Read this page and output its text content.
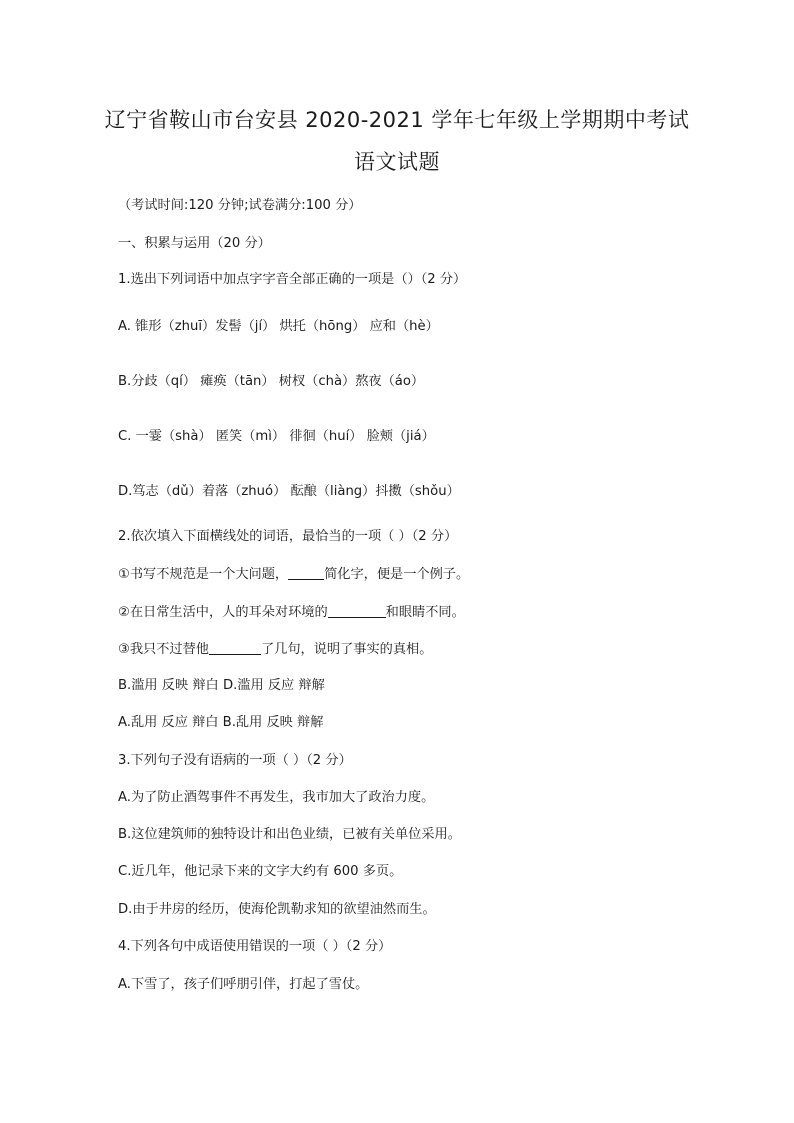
辽宁省鞍山市台安县 2020-2021 学年七年级上学期期中考试
语文试题
（考试时间:120 分钟;试卷满分:100 分）
一、积累与运用（20 分）
1.选出下列词语中加点字字音全部正确的一项是（）（2 分）
A. 锥形（zhuī）发髻（jí） 烘托（hōng） 应和（hè）
B.分歧（qí） 瘫痪（tān） 树杈（chà）熬夜（áo）
C. 一霎（shà） 匿笑（mì） 徘徊（huí） 脸颊（jiá）
D.笃志（dǔ）着落（zhuó） 酝酿（liàng）抖擞（shǒu）
2.依次填入下面横线处的词语，最恰当的一项（ ）（2 分）
①书写不规范是一个大问题，	简化字，便是一个例子。
②在日常生活中，人的耳朵对环境的	和眼睛不同。
③我只不过替他	了几句，说明了事实的真相。
B.滥用 反映 辩白 D.滥用 反应 辩解
A.乱用 反应 辩白 B.乱用 反映 辩解
3.下列句子没有语病的一项（ ）（2 分）
A.为了防止酒驾事件不再发生，我市加大了政治力度。
B.这位建筑师的独特设计和出色业绩，已被有关单位采用。
C.近几年，他记录下来的文字大约有 600 多页。
D.由于井房的经历，使海伦凯勒求知的欲望油然而生。
4.下列各句中成语使用错误的一项（ ）（2 分）
A.下雪了，孩子们呼朋引伴，打起了雪仗。
